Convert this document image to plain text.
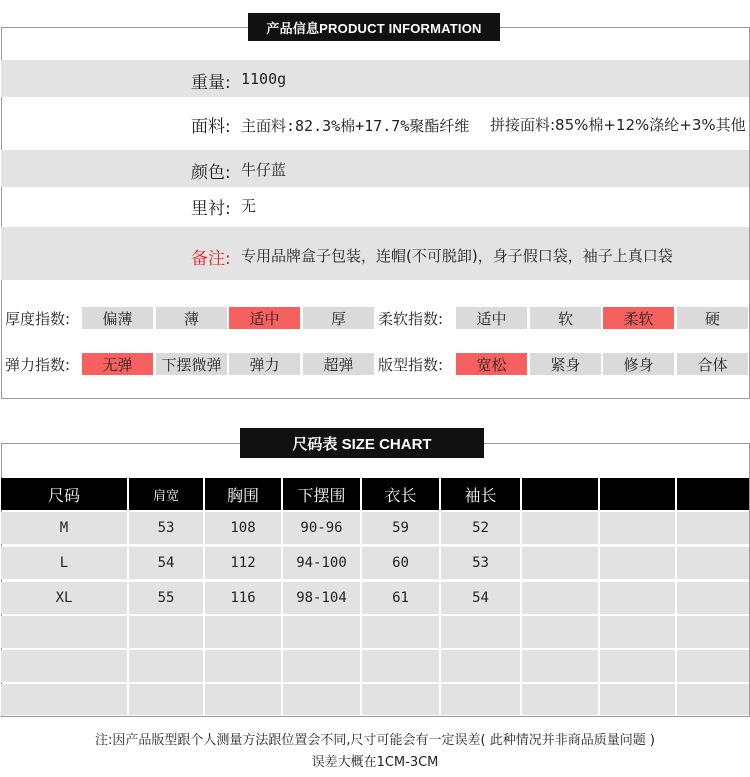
产品信息PRODUCT INFORMATION
重量: 1100g
面料: 主面料:82.3%棉+17.7%聚酯纤维 拼接面料:85%棉+12%涤纶+3%其他
颜色: 牛仔蓝
里衬: 无
备注: 专用品牌盒子包装，连帽(不可脱卸)，身子假口袋，袖子上真口袋
厚度指数:	偏薄	薄	适中	厚	柔软指数:	适中	软	柔软	硬
弹力指数:	无弹	下摆微弹	弹力	超弹	版型指数:	宽松	紧身	修身	合体
尺码表 SIZE CHART
尺码	肩宽	胸围	下摆围	衣长	袖长
M	53	108	90-96	59	52
L	54	112	94-100	60	53
XL	55	116	98-104	61	54
注:因产品版型跟个人测量方法跟位置会不同,尺寸可能会有一定误差( 此种情况并非商品质量问题 )
误差大概在1CM-3CM
